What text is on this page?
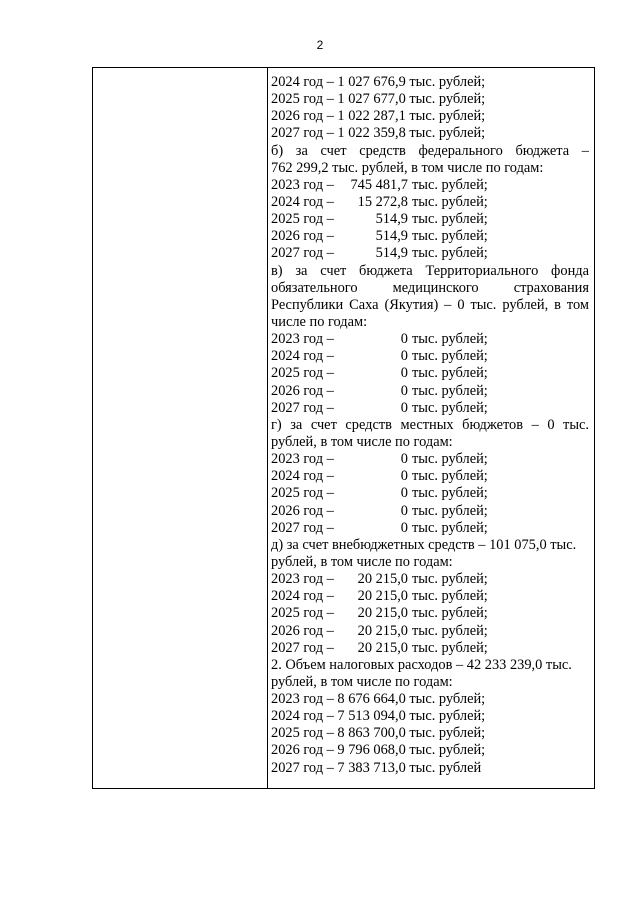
2
2024 год – 1 027 676,9 тыс. рублей;
2025 год – 1 027 677,0 тыс. рублей;
2026 год – 1 022 287,1 тыс. рублей;
2027 год – 1 022 359,8 тыс. рублей;
б) за счет средств федерального бюджета –
762 299,2 тыс. рублей, в том числе по годам:
2023 год – 745 481,7 тыс. рублей;
2024 год – 15 272,8 тыс. рублей;
2025 год –	514,9 тыс. рублей;
2026 год –	514,9 тыс. рублей;
2027 год –	514,9 тыс. рублей;
в) за счет бюджета Территориального фонда
обязательного медицинского страхования
Республики Саха (Якутия) – 0 тыс. рублей, в том
числе по годам:
2023 год –	0 тыс. рублей;
2024 год –	0 тыс. рублей;
2025 год –	0 тыс. рублей;
2026 год –	0 тыс. рублей;
2027 год –	0 тыс. рублей;
г) за счет средств местных бюджетов – 0 тыс.
рублей, в том числе по годам:
2023 год –	0 тыс. рублей;
2024 год –	0 тыс. рублей;
2025 год –	0 тыс. рублей;
2026 год –	0 тыс. рублей;
2027 год –	0 тыс. рублей;
д) за счет внебюджетных средств – 101 075,0 тыс.
рублей, в том числе по годам:
2023 год – 20 215,0 тыс. рублей;
2024 год – 20 215,0 тыс. рублей;
2025 год – 20 215,0 тыс. рублей;
2026 год – 20 215,0 тыс. рублей;
2027 год – 20 215,0 тыс. рублей;
2. Объем налоговых расходов – 42 233 239,0 тыс.
рублей, в том числе по годам:
2023 год – 8 676 664,0 тыс. рублей;
2024 год – 7 513 094,0 тыс. рублей;
2025 год – 8 863 700,0 тыс. рублей;
2026 год – 9 796 068,0 тыс. рублей;
2027 год – 7 383 713,0 тыс. рублей
